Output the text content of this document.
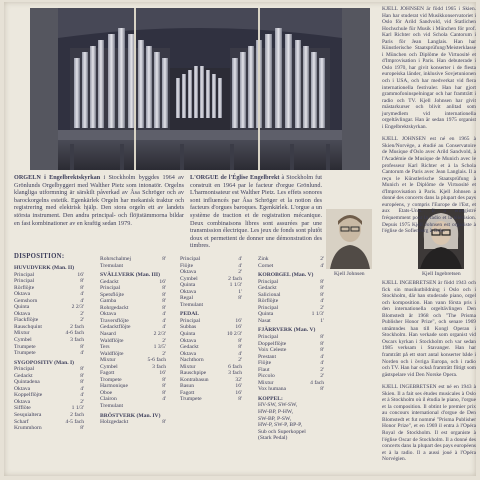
ORGELN i Engelbrektskyrkan i Stockholm byggdes 1964 av Grönlunds Orgelbyggeri med Walther Pietz som intonatör. Orgelns klangliga utformning är särskilt påverkad av Åsa Schröger och av barockorgelns estetik. Egenkärlek Orgeln har mekanisk traktur och registrering med elektrisk hjälp. Den stora orgeln ett av landets största instrument. Den andra principal- och flöjtstämmorna bildar en fast kombinationer av en kraftig sedan 1979.
L'ORGUE de l'Église Engelbrekt à Stockholm fut construit en 1964 par le facteur d'orgue Grönlund. L'harmonisateur est Walther Pietz. Les effets sonores sont influencés par Åsa Schröger et la notion des facteurs d'orgues baroques. Egenkärlek. L'orgue a un système de traction et de registration mécanique. Deux combinaisons libres sont assurées par une transmission électrique. Les jeux de fonds sont plutôt doux et permettent de donner une démonstration des timbres.
DISPOSITION:
HUVUDVERK (Man. II)
Principal	16'
Principal	8'
Rörflöjte	8'
Oktava	4'
Gemshorn	4'
Quinta	2 2/3'
Oktava	2'
Flackflöjte	2'
Rauschquint	2 fach
Mixtur	4-6 fach
Cymbel	3 fach
Trumpete	8'
Trumpete	4'
SYGOPOSITIV (Man. I)
Principal	8'
Gedackt	8'
Quintadena	8'
Oktava	4'
Koppelflöjte	4'
Oktava	2'
Sifflöte	1 1/3'
Sesquialtera	2 fach
Scharf	4-5 fach
Krummhorn	8'
Rohrschalmej	8'
Tremulant
SVÄLLVERK (Man. III)
Gedackt	16'
Principal	8'
Spetsflöjte	8'
Gamba	8'
Rohrgedackt	8'
Oktava	4'
Traversflöjte	4'
Gedacktflöjte	4'
Nasard	2 2/3'
Waldflöjte	2'
Ters	1 3/5'
Waldflöjte	2'
Mixtur	5-6 fach
Cymbel	3 fach
Fagott	16'
Trompete	8'
Harmonique	8'
Oboe	8'
Clairon	4'
Tremulant
BRÖSTVERK (Man. IV)
Holzgedackt	8'
Principal	4'
Flöjte	4'
Oktava	2'
Cymbel	2 fach
Quinta	1 1/3'
Oktava	1'
Regal	8'
Tremulant
PEDAL
Principal	16'
Subbas	16'
Quinta	10 2/3'
Oktava	8'
Gedackt	8'
Oktava	4'
Nachthorn	2'
Mixtur	6 fach
Rauschpipe	3 fach
Kontrabasun	32'
Basun	16'
Fagott	16'
Trumpete	8'
Zink	2'
Cornet	4'
KOROBGEL (Man. V)
Principal	8'
Gedackt	8'
Salicional	8'
Rörflöjte	4'
Principal	2'
Quinta	1 1/3'
Nasat	1'
FJÄRRVERK (Man. V)
Principal	8'
Doppelflöjte	8'
Voix Celeste	8'
Prestant	4'
Flöjte	4'
Flaut	2'
Piccolo	2'
Mixtur	4 fach
Vox humana	8'
KOPPEL:
HV-SW, SW-SW,
HW-BP, P-HW,
SW-BP, P-SW,
HW-P, SW-P, BP-P,
Sub och Superkoppel
(Stark Pedal)
Kjell Johnsen	Kjell Ingebretsen

KJELL JOHNSEN är född 1965 i Skien. Han har studerat vid Musikkonservatoriet i Oslo för Arild Sandvold, vid Statlichen Hochschule für Musik i München för prof. Karl Richter och vid Schola Cantorum i Paris för Jean Langlais. Han har Künstlerische Staatsprüfung/Meisterklasse i München och Diplôme de Virtuosité et d'Improvisation i Paris. Han debuterade i Oslo 1970, har givit konserter i de flesta europeiska länder, inklusive Sovjetunionen och i USA, och har medverkat vid flera internationella festivaler. Han har gjort grammofoninspelningar och har framträtt i radio och TV. Kjell Johnsen har givit mästarkurser och blivit anlitad som jurymedlem vid internationella orgeltävlingar. Han är sedan 1975 organist i Engelbrektskyrkan.

KJELL JOHNSEN est né en 1965 à Skien/Norvège, a étudié au Conservatoire de Musique d'Oslo avec Arild Sandvold, à l'Académie de Musique de Munich avec le professeur Karl Richter et à la Schola Cantorum de Paris avec Jean Langlais. Il a reçu le Künstlerische Staatsprüfung à Munich et le Diplôme de Virtuosité et d'Improvisation à Paris. Kjell Johnsen a donné des concerts dans la plupart des pays européens, y compris l'Europe de l'Est, et aux Etats-Unis. Il a enregistré fréquemment pour la radio et la télévision. Depuis 1975 Kjell Johnsen est organiste à l'église de Sofienberg à Oslo.

KJELL INGEBRETSEN är född 1943 och fick sin musikutbildning i Oslo och i Stockholm, där han studerade piano, orgel och komposition. Han vann första pris i den internationella orgeltävlingen Den Blomstedt år 1968 och "The Prisma Publisher Honor Prize", och senare 1969 utnämndes han till Kongl Operan i Stockholm. Han verkade som organist vid Oscars kyrkan i Stockholm och var sedan 1985 verksam i Stavanger. Han har framträtt på ett stort antal konserter både i Norden och i övriga Europa, och i radio och TV. Han har också framträtt flitigt som gästspelare vid Den Norske Opera.

KJELL INGEBRETSEN est né en 1943 à Skien. Il a fait ses études musicales à Oslo et à Stockholm où il étudia le piano, l'orgue et la composition. Il obtint le premier prix au concours international d'orgue de Den Blomstedt et fut nommé "Prisma Publisher Honor Prize", et en 1969 il entra à l'Opéra Royal de Stockholm. Il est organiste à l'église Oscar de Stockholm. Il a donné des concerts dans la plupart des pays européens et à la radio. Il a aussi joué à l'Opéra Norvégien.
